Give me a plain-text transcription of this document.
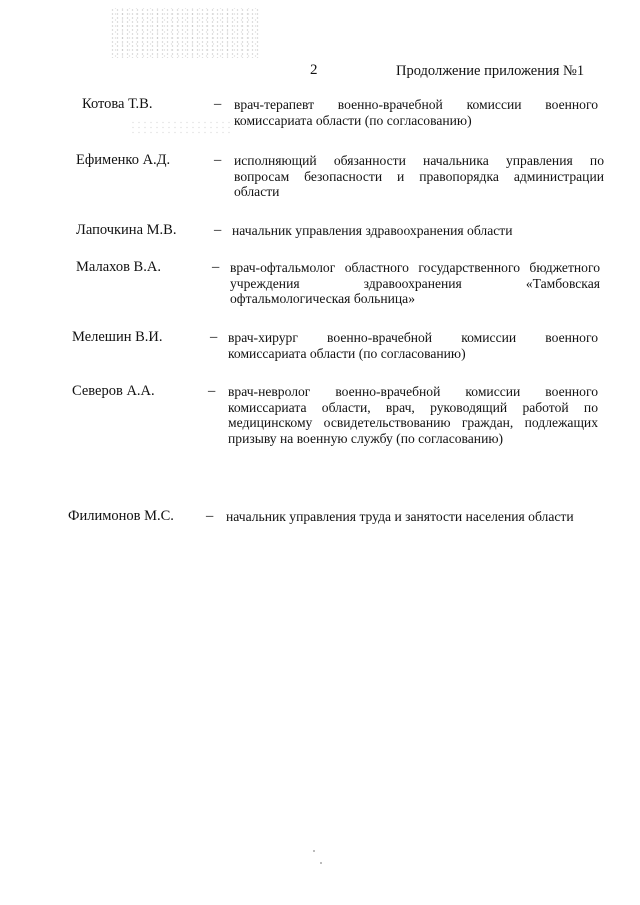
2	Продолжение приложения №1
Котова Т.В.	– врач-терапевт военно-врачебной комиссии военного комиссариата области (по согласованию)
Ефименко А.Д.	– исполняющий обязанности начальника управления по вопросам безопасности и правопорядка администрации области
Лапочкина М.В.	– начальник управления здравоохранения области
Малахов В.А.	– врач-офтальмолог областного государственного бюджетного учреждения здравоохранения «Тамбовская офтальмологическая больница»
Мелешин В.И.	– врач-хирург военно-врачебной комиссии военного комиссариата области (по согласованию)
Северов А.А.	– врач-невролог военно-врачебной комиссии военного комиссариата области, врач, руководящий работой по медицинскому освидетельствованию граждан, подлежащих призыву на военную службу (по согласованию)
Филимонов М.С. – начальник управления труда и занятости населения области
